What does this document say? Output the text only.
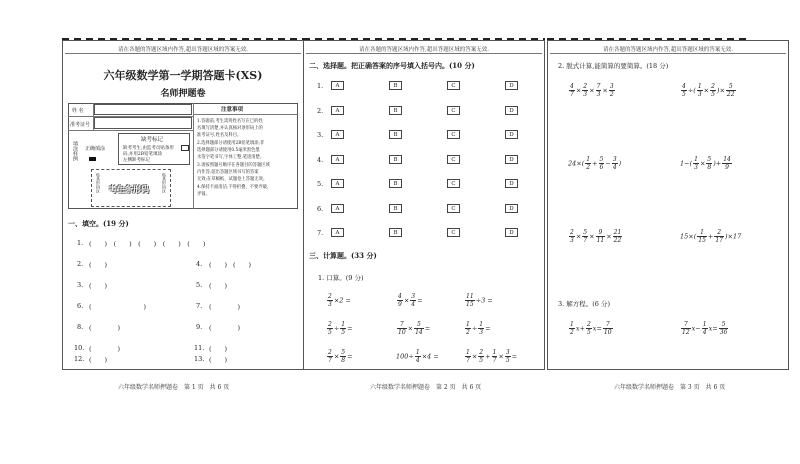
请在各题的答题区域内作答,超出答题区域的答案无效.
六年级数学第一学期答题卡(XS)
名师押题卷
姓 名
准考证号
填涂样例 正确填涂
缺考标记
缺考考生,由监考员贴条形
码,并用2B铅笔填涂
左侧缺考标记
贴条形码区	贴条形码区
考生条形码
注意事项
1.答题前,考生需将姓名写在已的姓
名填写清楚,并认真核对条形码上的
准考证号,姓名及科目。
2.选择题部分请使用2B铅笔填涂;非
选择题部分请使用0.5毫米黑色墨
水签字笔书写,字体工整,笔迹清楚。
3.请按照题号顺序在各题目的答题区域
内作答,超出答题区域书写的答案
无效;在草稿纸、试题卷上答题无效。
4.保持卡面清洁,不得折叠、不要弄破、
弄皱。
一、填空。(19 分)
1. (　　)　(　　)　(　　)　(　　)　(　　)
2. (　　)	4. (　　) (　　)
3. (　　)	5. (　　)
6. (　　　　　　　　)	7. (　　　　)
8. (　　　　)	9. (　　　　)
10. (　　　　)	11. (　　)
12. (　　)	13. (　　)
六年级数学名师押题卷　第 1 页　共 6 页
请在各题的答题区域内作答,超出答题区域的答案无效.
二、选择题。把正确答案的序号填入括号内。(10 分)
1.	A	B	C	D
2.	A	B	C	D
3.	A	B	C	D
4.	A	B	C	D
5.	A	B	C	D
6.	A	B	C	D
7.	A	B	C	D
三、计算题。(33 分)
1. 口算。(9 分)
$\frac{2}{3} \times 2$ =	$\frac{4}{9} \times \frac{3}{4}$ =	$\frac{11}{15} \div 3$ =
$\frac{2}{5} \div \frac{1}{5}$ =	$\frac{7}{10} \times \frac{5}{14}$ =	$\frac{1}{2} \div \frac{1}{3}$ =
$\frac{2}{7} \times \frac{5}{8}$ =	$100\div \frac{1}{4} \times 4$ =	$\frac{1}{7} \times \frac{2}{5} + \frac{1}{7} \times \frac{3}{5}$ =
六年级数学名师押题卷　第 2 页　共 6 页
请在各题的答题区域内作答,超出答题区域的答案无效.
2. 脱式计算,能简算的要简算。(18 分)
$\frac{4}{7} \times \frac{2}{3} \times \frac{7}{3} \times \frac{3}{2}$	$\frac{4}{5}$ ÷( $\frac{1}{3} \times \frac{2}{5}$ )× $\frac{5}{22}$
$24\times( \frac{1}{2} + \frac{5}{6} - \frac{3}{4}$ )	$1-( \frac{1}{3} \times \frac{5}{8}$ )+ $\frac{14}{9}$
$\frac{2}{3} \times \frac{5}{7} \times \frac{9}{11} \times \frac{21}{22}$	$15\times( \frac{1}{15} + \frac{2}{17} )\times 17$
3. 解方程。(6 分)
$\frac{1}{2} x+ \frac{2}{5} x= \frac{7}{10}$	$\frac{7}{12} x- \frac{1}{4} x= \frac{5}{36}$
六年级数学名师押题卷　第 3 页　共 6 页
